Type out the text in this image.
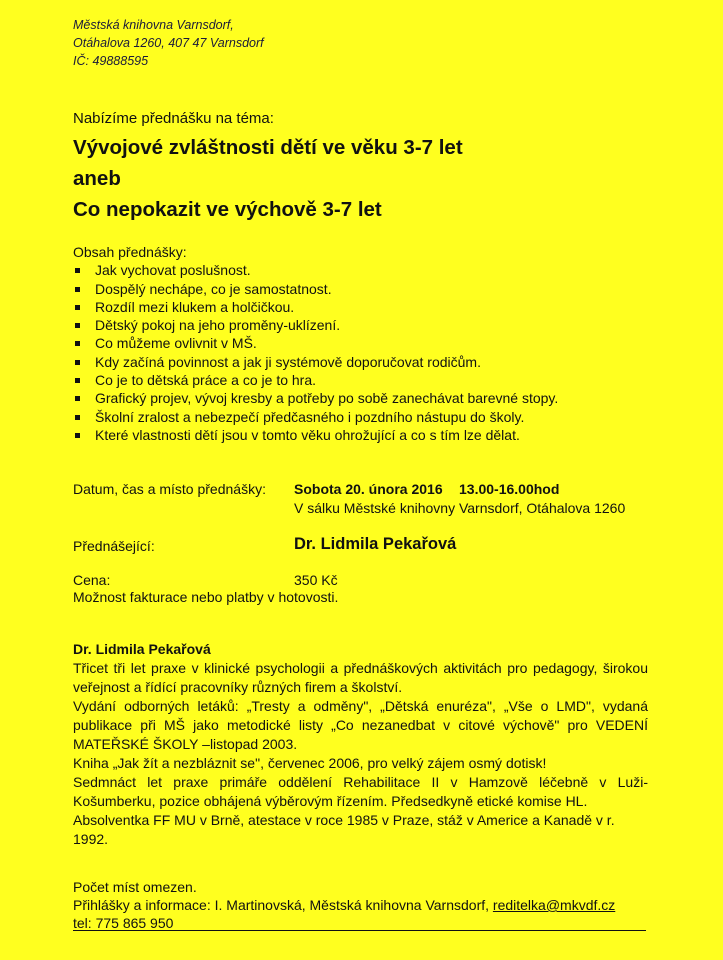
Městská knihovna Varnsdorf,
Otáhalova 1260, 407 47 Varnsdorf
IČ: 49888595
Nabízíme přednášku na téma:
Vývojové zvláštnosti dětí ve věku 3-7 let
aneb
Co nepokazit ve výchově 3-7 let
Obsah přednášky:
Jak vychovat poslušnost.
Dospělý nechápe, co je samostatnost.
Rozdíl mezi klukem a holčičkou.
Dětský pokoj na jeho proměny-uklízení.
Co můžeme ovlivnit v MŠ.
Kdy začíná povinnost a jak ji systémově doporučovat rodičům.
Co je to dětská práce a co je to hra.
Grafický projev, vývoj kresby a potřeby po sobě zanechávat barevné stopy.
Školní zralost a nebezpečí předčasného i pozdního nástupu do školy.
Které vlastnosti dětí jsou v tomto věku ohrožující a co s tím lze dělat.
Datum, čas a místo přednášky: Sobota 20. února 2016 13.00-16.00hod
V sálku Městské knihovny Varnsdorf, Otáhalova 1260
Přednášející:	Dr. Lidmila Pekařová
Cena:	350 Kč
Možnost fakturace nebo platby v hotovosti.

Dr. Lidmila Pekařová

Třicet tři let praxe v klinické psychologii a přednáškových aktivitách pro pedagogy, širokou veřejnost a řídící pracovníky různých firem a školství.

Vydání odborných letáků: „Tresty a odměny", „Dětská enuréza", „Vše o LMD", vydaná publikace při MŠ jako metodické listy „Co nezanedbat v citové výchově" pro VEDENÍ MATEŘSKÉ ŠKOLY –listopad 2003.

Kniha „Jak žít a nezbláznit se", červenec 2006, pro velký zájem osmý dotisk!

Sedmnáct let praxe primáře oddělení Rehabilitace II v Hamzově léčebně v Luži-Košumberku, pozice obhájená výběrovým řízením. Předsedkyně etické komise HL.

Absolventka FF MU v Brně, atestace v roce 1985 v Praze, stáž v Americe a Kanadě v r. 1992.

Počet míst omezen.
Přihlášky a informace: I. Martinovská, Městská knihovna Varnsdorf, reditelka@mkvdf.cz
tel: 775 865 950
